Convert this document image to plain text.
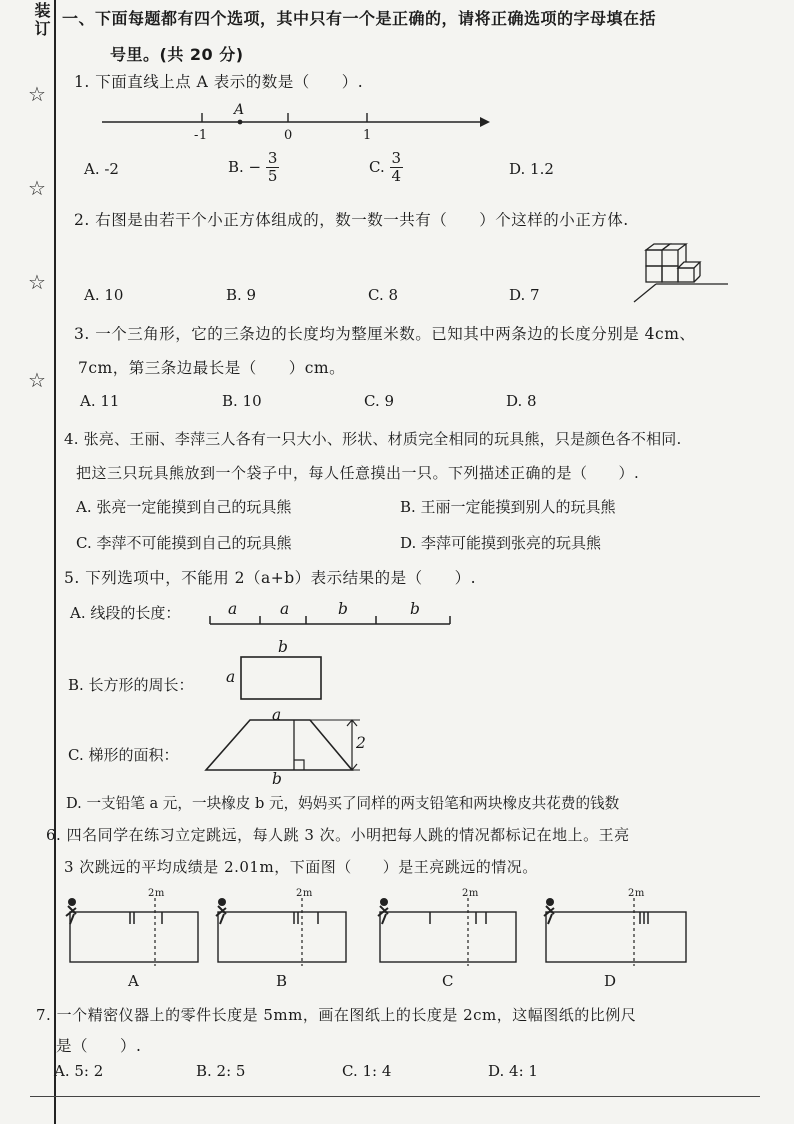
装订
☆
☆
☆
☆
一、下面每题都有四个选项，其中只有一个是正确的，请将正确选项的字母填在括
号里。(共 20 分)
1. 下面直线上点 A 表示的数是（　　）.
A
-1	0	1
A. -2	B. − $\frac{3}{5}$	C. $\frac{3}{4}$	D. 1.2
2. 右图是由若干个小正方体组成的，数一数一共有（　　）个这样的小正方体.
A. 10	B. 9	C. 8	D. 7
3. 一个三角形，它的三条边的长度均为整厘米数。已知其中两条边的长度分别是 4cm、
7cm，第三条边最长是（　　）cm。
A. 11	B. 10	C. 9	D. 8
4. 张亮、王丽、李萍三人各有一只大小、形状、材质完全相同的玩具熊，只是颜色各不相同.
把这三只玩具熊放到一个袋子中，每人任意摸出一只。下列描述正确的是（　　）.
A. 张亮一定能摸到自己的玩具熊	B. 王丽一定能摸到别人的玩具熊
C. 李萍不可能摸到自己的玩具熊	D. 李萍可能摸到张亮的玩具熊
5. 下列选项中，不能用 2（a+b）表示结果的是（　　）.
A. 线段的长度：	a	a	b	b
B. 长方形的周长：
b
a
C. 梯形的面积：
a
b
2
D. 一支铅笔 a 元，一块橡皮 b 元，妈妈买了同样的两支铅笔和两块橡皮共花费的钱数
6. 四名同学在练习立定跳远，每人跳 3 次。小明把每人跳的情况都标记在地上。王亮
3 次跳远的平均成绩是 2.01m，下面图（　　）是王亮跳远的情况。
2m	2m	2m	2m
A	B	C	D
7. 一个精密仪器上的零件长度是 5mm，画在图纸上的长度是 2cm，这幅图纸的比例尺
是（　　）.
A. 5: 2	B. 2: 5	C. 1: 4	D. 4: 1
